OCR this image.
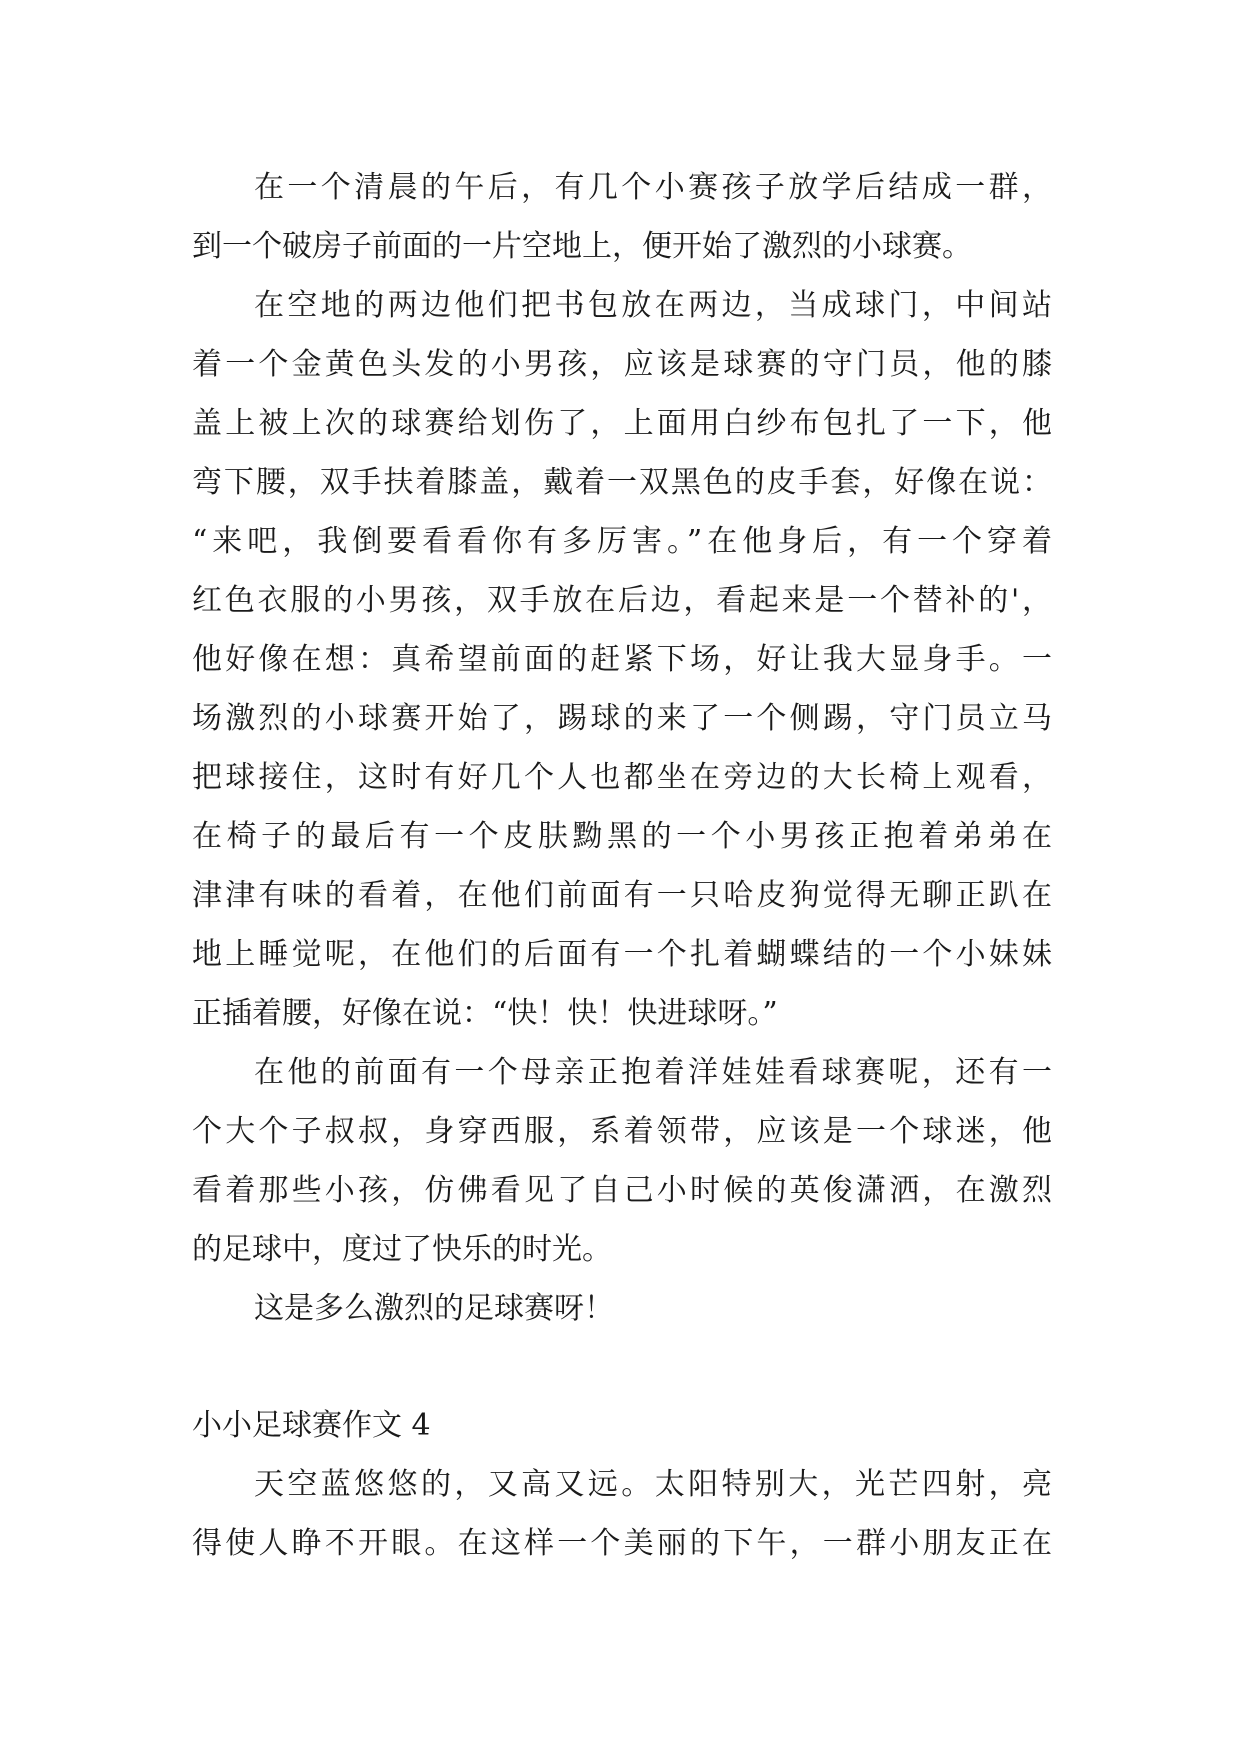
在一个清晨的午后，有几个小赛孩子放学后结成一群，
到一个破房子前面的一片空地上，便开始了激烈的小球赛。
在空地的两边他们把书包放在两边，当成球门，中间站
着一个金黄色头发的小男孩，应该是球赛的守门员，他的膝
盖上被上次的球赛给划伤了，上面用白纱布包扎了一下，他
弯下腰，双手扶着膝盖，戴着一双黑色的皮手套，好像在说：
“来吧，我倒要看看你有多厉害。”在他身后，有一个穿着
红色衣服的小男孩，双手放在后边，看起来是一个替补的'，
他好像在想：真希望前面的赶紧下场，好让我大显身手。一
场激烈的小球赛开始了，踢球的来了一个侧踢，守门员立马
把球接住，这时有好几个人也都坐在旁边的大长椅上观看，
在椅子的最后有一个皮肤黝黑的一个小男孩正抱着弟弟在
津津有味的看着，在他们前面有一只哈皮狗觉得无聊正趴在
地上睡觉呢，在他们的后面有一个扎着蝴蝶结的一个小妹妹
正插着腰，好像在说：“快！快！快进球呀。”
在他的前面有一个母亲正抱着洋娃娃看球赛呢，还有一
个大个子叔叔，身穿西服，系着领带，应该是一个球迷，他
看着那些小孩，仿佛看见了自己小时候的英俊潇洒，在激烈
的足球中，度过了快乐的时光。
这是多么激烈的足球赛呀！
小小足球赛作文 4
天空蓝悠悠的，又高又远。太阳特别大，光芒四射，亮
得使人睁不开眼。在这样一个美丽的下午，一群小朋友正在
